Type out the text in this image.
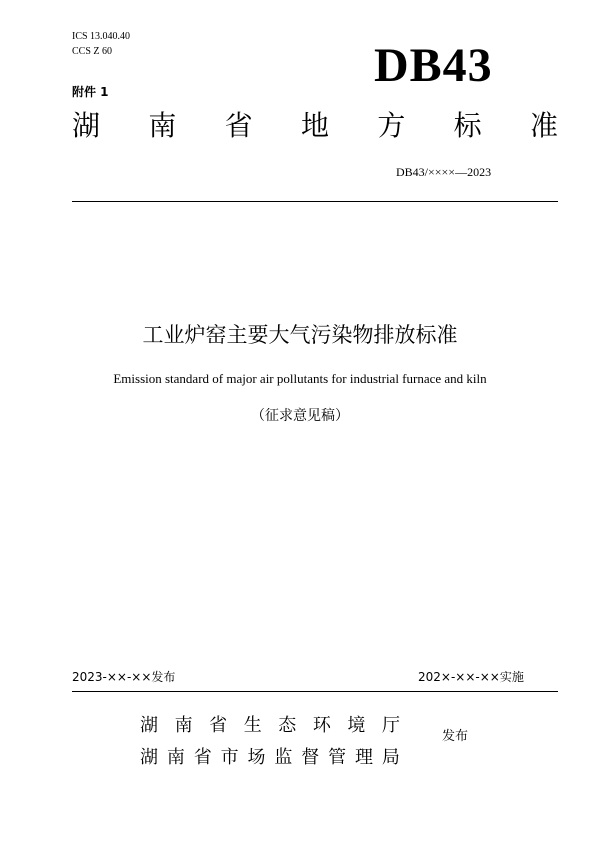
ICS 13.040.40
CCS Z 60	DB43
附件 1
湖 南 省 地 方 标 准
DB43/××××—2023
工业炉窑主要大气污染物排放标准
Emission standard of major air pollutants for industrial furnace and kiln
（征求意见稿）
2023-××-××发布	202×-××-××实施
湖 南 省 生 态 环 境 厅
湖 南 省 市 场 监 督 管 理 局
发布
